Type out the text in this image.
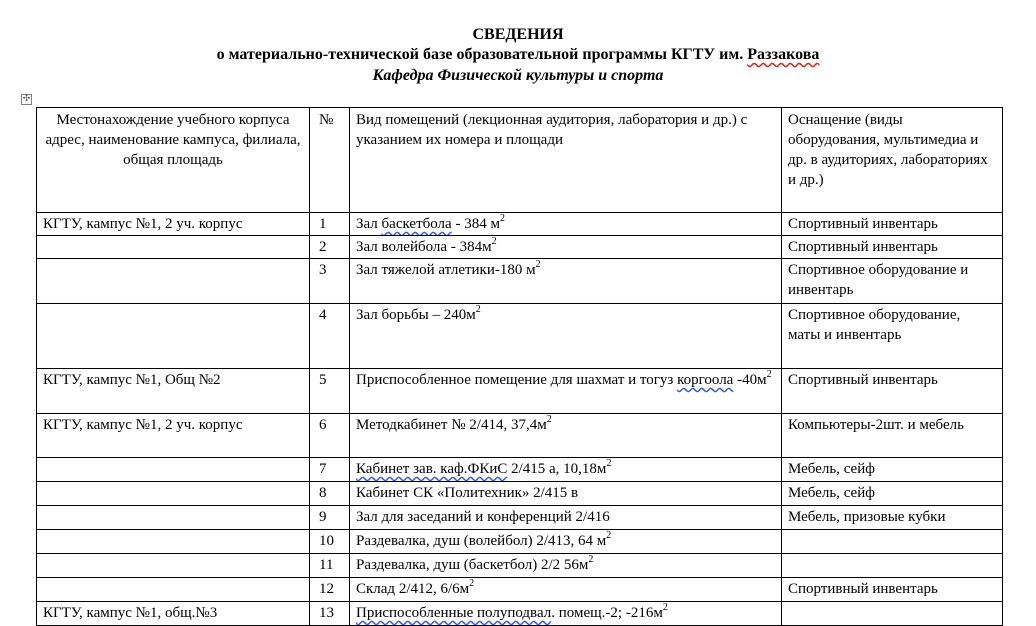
СВЕДЕНИЯ
о материально-технической базе образовательной программы КГТУ им. Раззакова
Кафедра Физической культуры и спорта
✣
Местонахождение учебного корпуса адрес, наименование кампуса, филиала, общая площадь	№	Вид помещений (лекционная аудитория, лаборатория и др.) с указанием их номера и площади	Оснащение (виды оборудования, мультимедиа и др. в аудиториях, лабораториях и др.)
КГТУ, кампус №1, 2 уч. корпус	1	Зал баскетбола - 384 $м^2$	Спортивный инвентарь
	2	Зал волейбола - $384м^2$	Спортивный инвентарь
	3	Зал тяжелой атлетики-180 $м^2$	Спортивное оборудование и инвентарь
	4	Зал борьбы – $240м^2$	Спортивное оборудование, маты и инвентарь
КГТУ, кампус №1, Общ №2	5	Приспособленное помещение для шахмат и тогуз коргоола $-40м^2$	Спортивный инвентарь
КГТУ, кампус №1, 2 уч. корпус	6	Методкабинет № 2/414, $37,4м^2$	Компьютеры-2шт. и мебель
	7	Кабинет зав. каф.ФКиС 2/415 а, $10,18м^2$	Мебель, сейф
	8	Кабинет СК «Политехник» 2/415 в	Мебель, сейф
	9	Зал для заседаний и конференций 2/416	Мебель, призовые кубки
	10	Раздевалка, душ (волейбол) 2/413, 64 $м^2$	
	11	Раздевалка, душ (баскетбол) 2/2 $56м^2$	
	12	Склад 2/412, $6/6м^2$	Спортивный инвентарь
КГТУ, кампус №1, общ.№3	13	Приспособленные полуподвал. помещ.-2; $-216м^2$	
